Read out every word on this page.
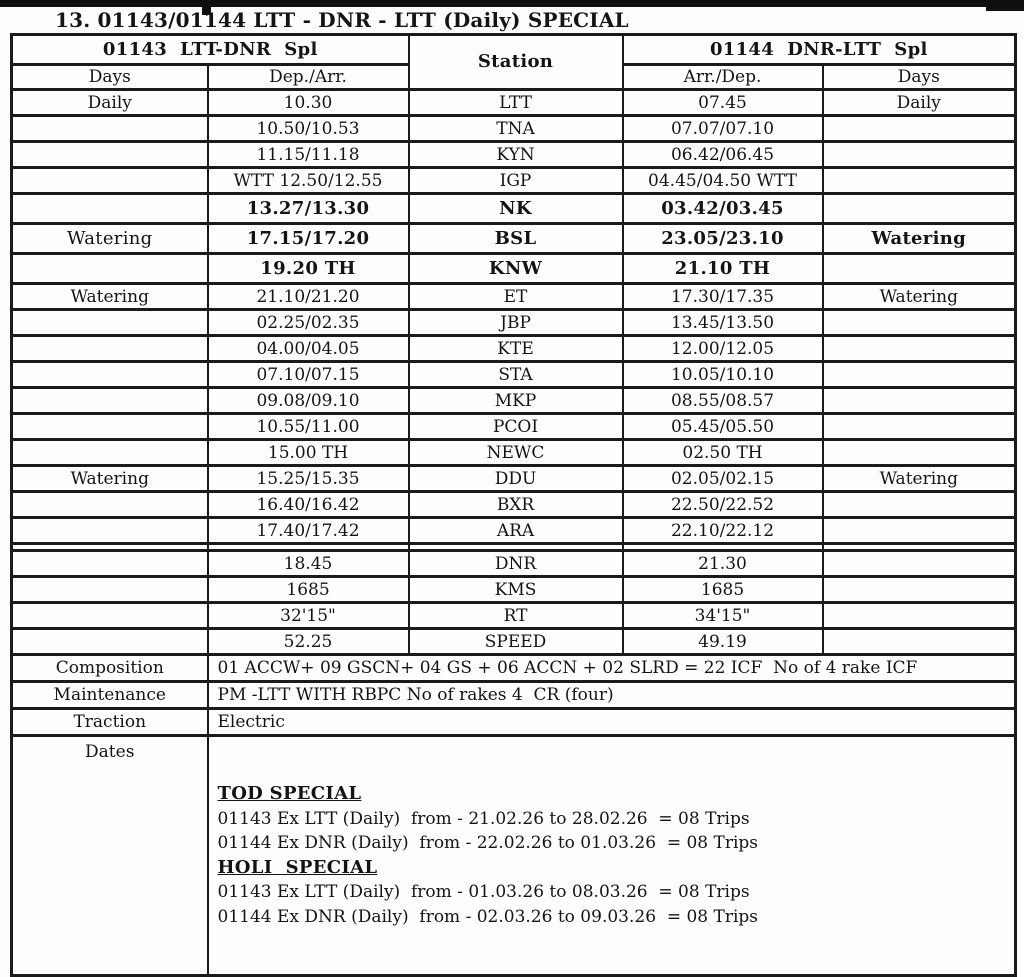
13. 01143/01144 LTT - DNR - LTT (Daily) SPECIAL
01143  LTT-DNR  Spl		Station	01144  DNR-LTT  Spl	
Days	Dep./Arr.		Arr./Dep.	Days
Daily	10.30	LTT	07.45	Daily
	10.50/10.53	TNA	07.07/07.10	
	11.15/11.18	KYN	06.42/06.45	
	WTT 12.50/12.55	IGP	04.45/04.50 WTT	
	13.27/13.30	NK	03.42/03.45	
Watering	17.15/17.20	BSL	23.05/23.10	Watering
	19.20 TH	KNW	21.10 TH	
Watering	21.10/21.20	ET	17.30/17.35	Watering
	02.25/02.35	JBP	13.45/13.50	
	04.00/04.05	KTE	12.00/12.05	
	07.10/07.15	STA	10.05/10.10	
	09.08/09.10	MKP	08.55/08.57	
	10.55/11.00	PCOI	05.45/05.50	
	15.00 TH	NEWC	02.50 TH	
Watering	15.25/15.35	DDU	02.05/02.15	Watering
	16.40/16.42	BXR	22.50/22.52	
	17.40/17.42	ARA	22.10/22.12	

	18.45	DNR	21.30	
	1685	KMS	1685	
	32'15"	RT	34'15"	
	52.25	SPEED	49.19	
Composition	01 ACCW+ 09 GSCN+ 04 GS + 06 ACCN + 02 SLRD = 22 ICF  No of 4 rake ICF			
Maintenance	PM -LTT WITH RBPC No of rakes 4  CR (four)			
Traction	Electric			
Dates	

TOD SPECIAL
01143 Ex LTT (Daily)  from - 21.02.26 to 28.02.26  = 08 Trips
01144 Ex DNR (Daily)  from - 22.02.26 to 01.03.26  = 08 Trips
HOLI  SPECIAL
01143 Ex LTT (Daily)  from - 01.03.26 to 08.03.26  = 08 Trips
01144 Ex DNR (Daily)  from - 02.03.26 to 09.03.26  = 08 Trips
